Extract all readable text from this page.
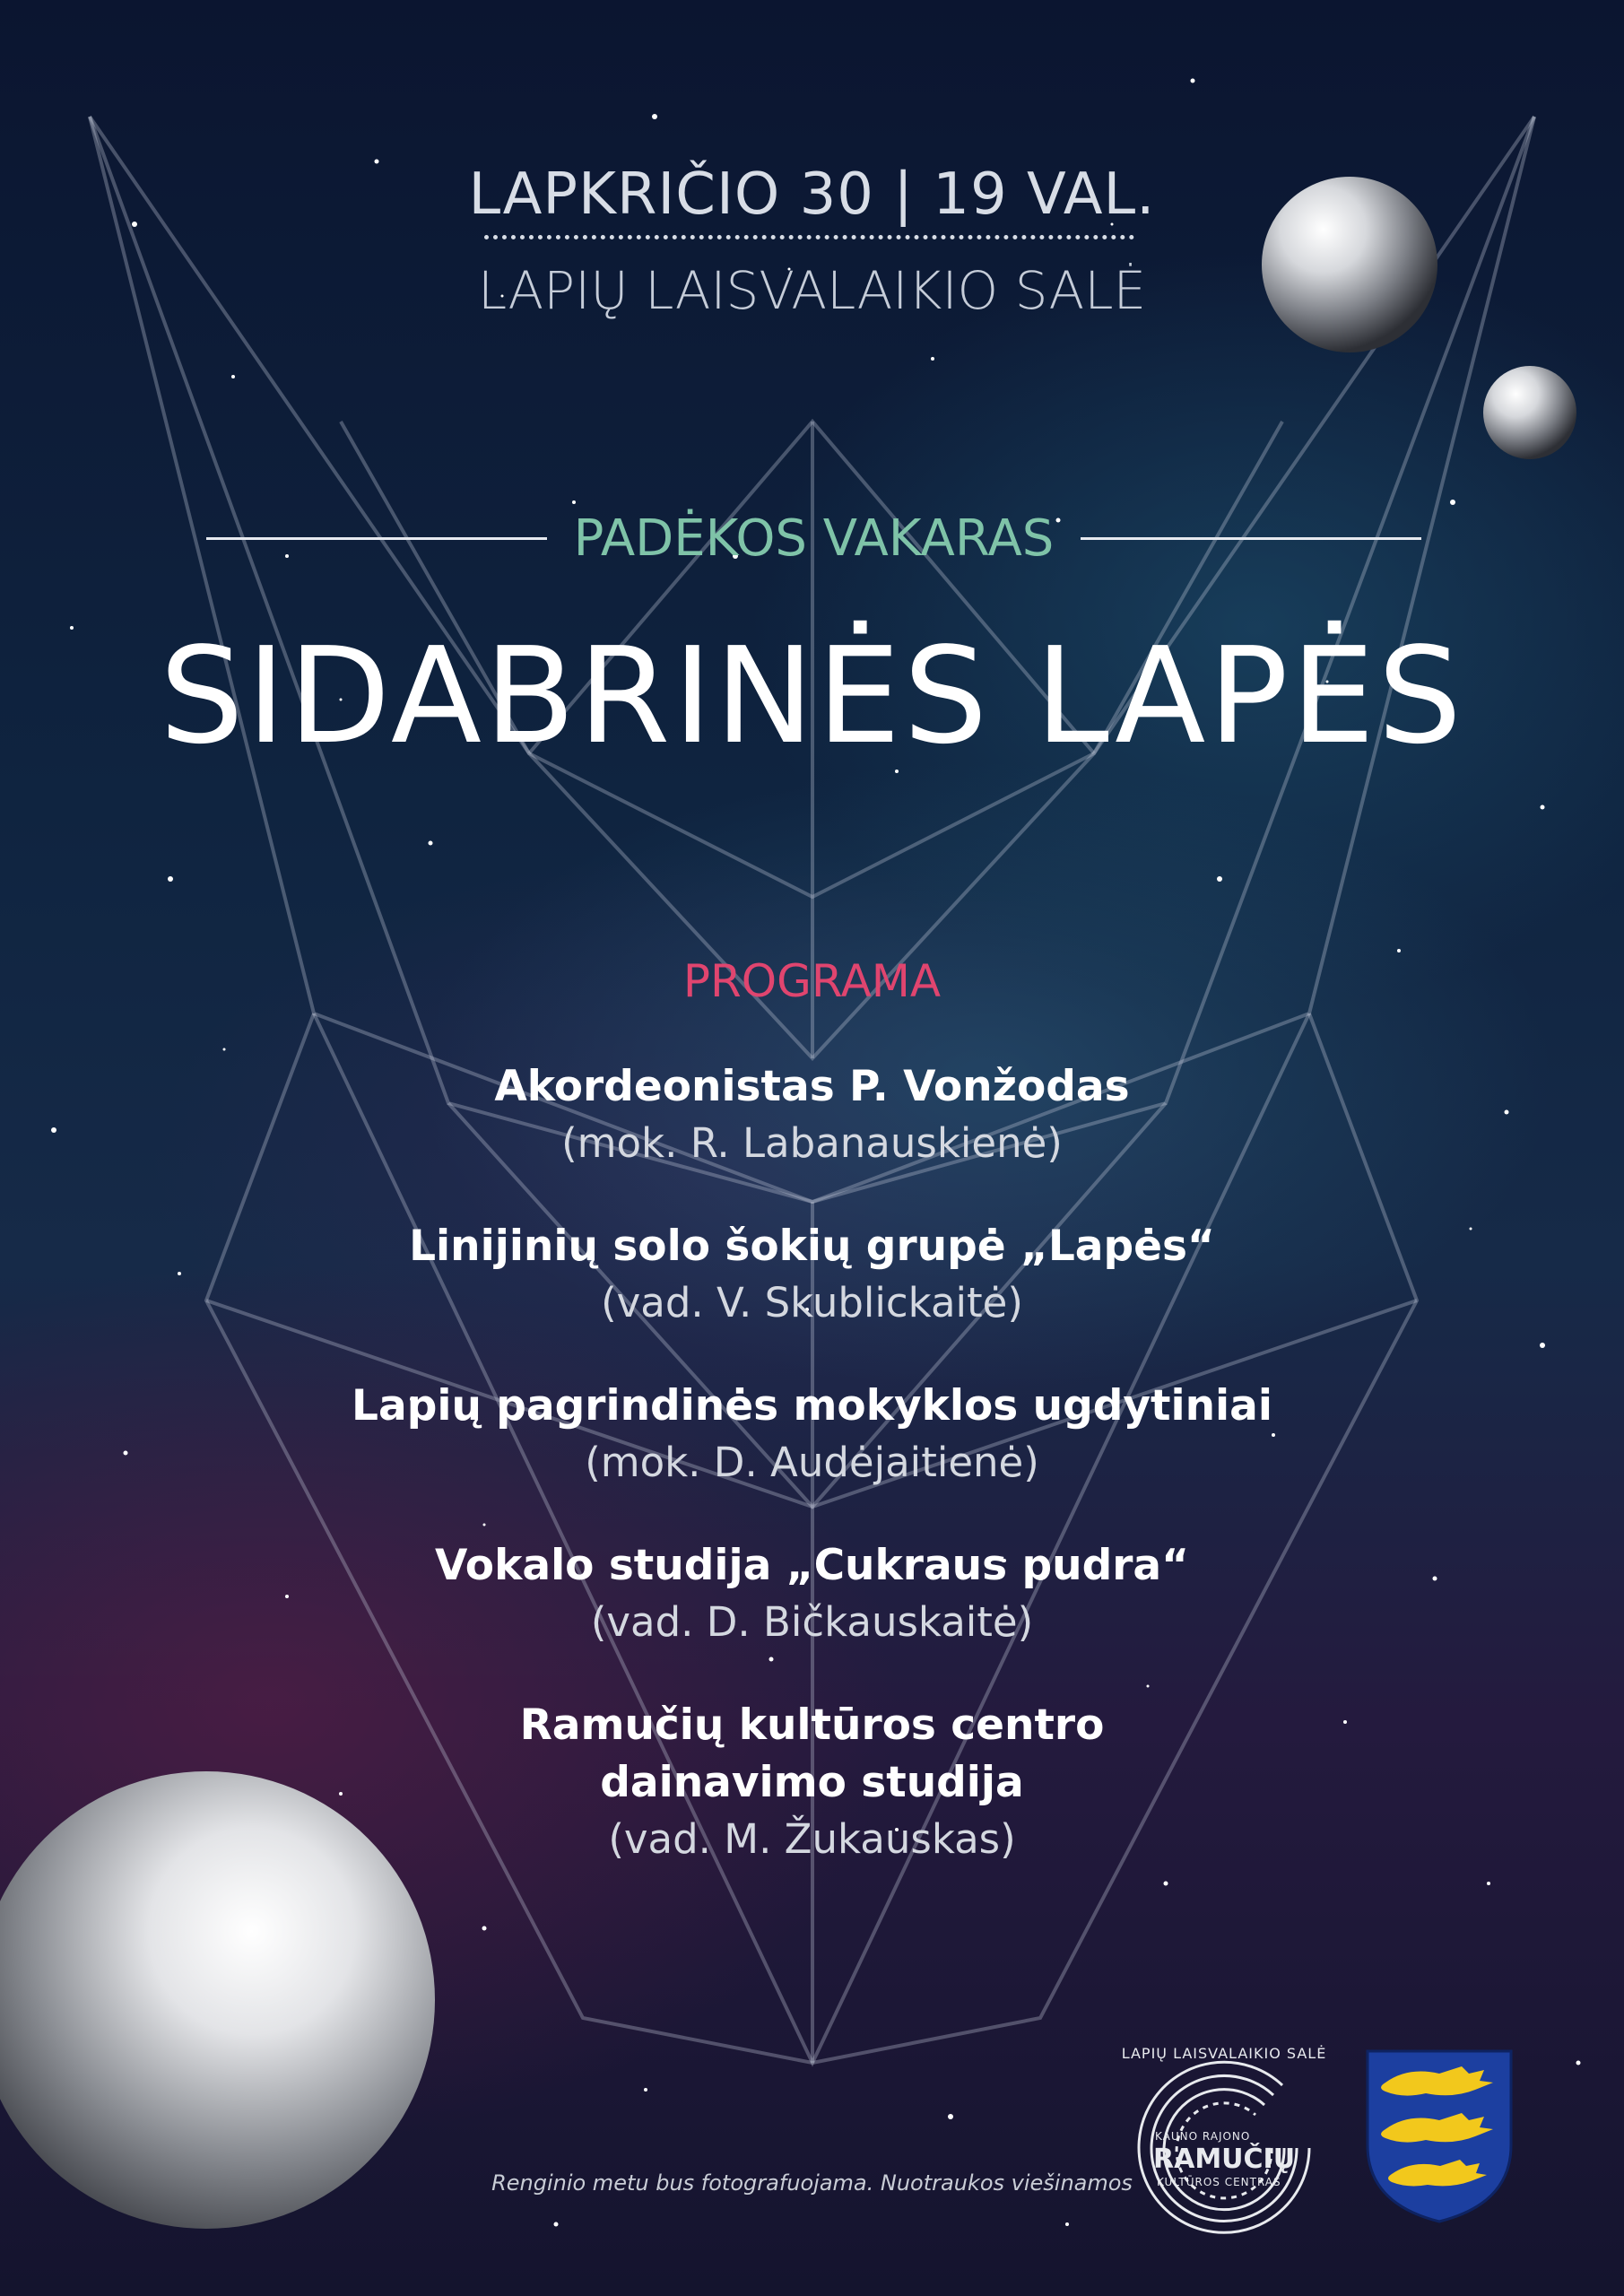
LAPKRIČIO 30 | 19 VAL.
LAPIŲ LAISVALAIKIO SALĖ
PADĖKOS VAKARAS
SIDABRINĖS LAPĖS
PROGRAMA
Akordeonistas P. Vonžodas
(mok. R. Labanauskienė)
Linijinių solo šokių grupė „Lapės“
(vad. V. Skublickaitė)
Lapių pagrindinės mokyklos ugdytiniai
(mok. D. Audėjaitienė)
Vokalo studija „Cukraus pudra“
(vad. D. Bičkauskaitė)
Ramučių kultūros centro
dainavimo studija
(vad. M. Žukauskas)
LAPIŲ LAISVALAIKIO SALĖ
KAUNO RAJONO
RAMUČIŲ
KULTŪROS CENTRAS
Renginio metu bus fotografuojama. Nuotraukos viešinamos
